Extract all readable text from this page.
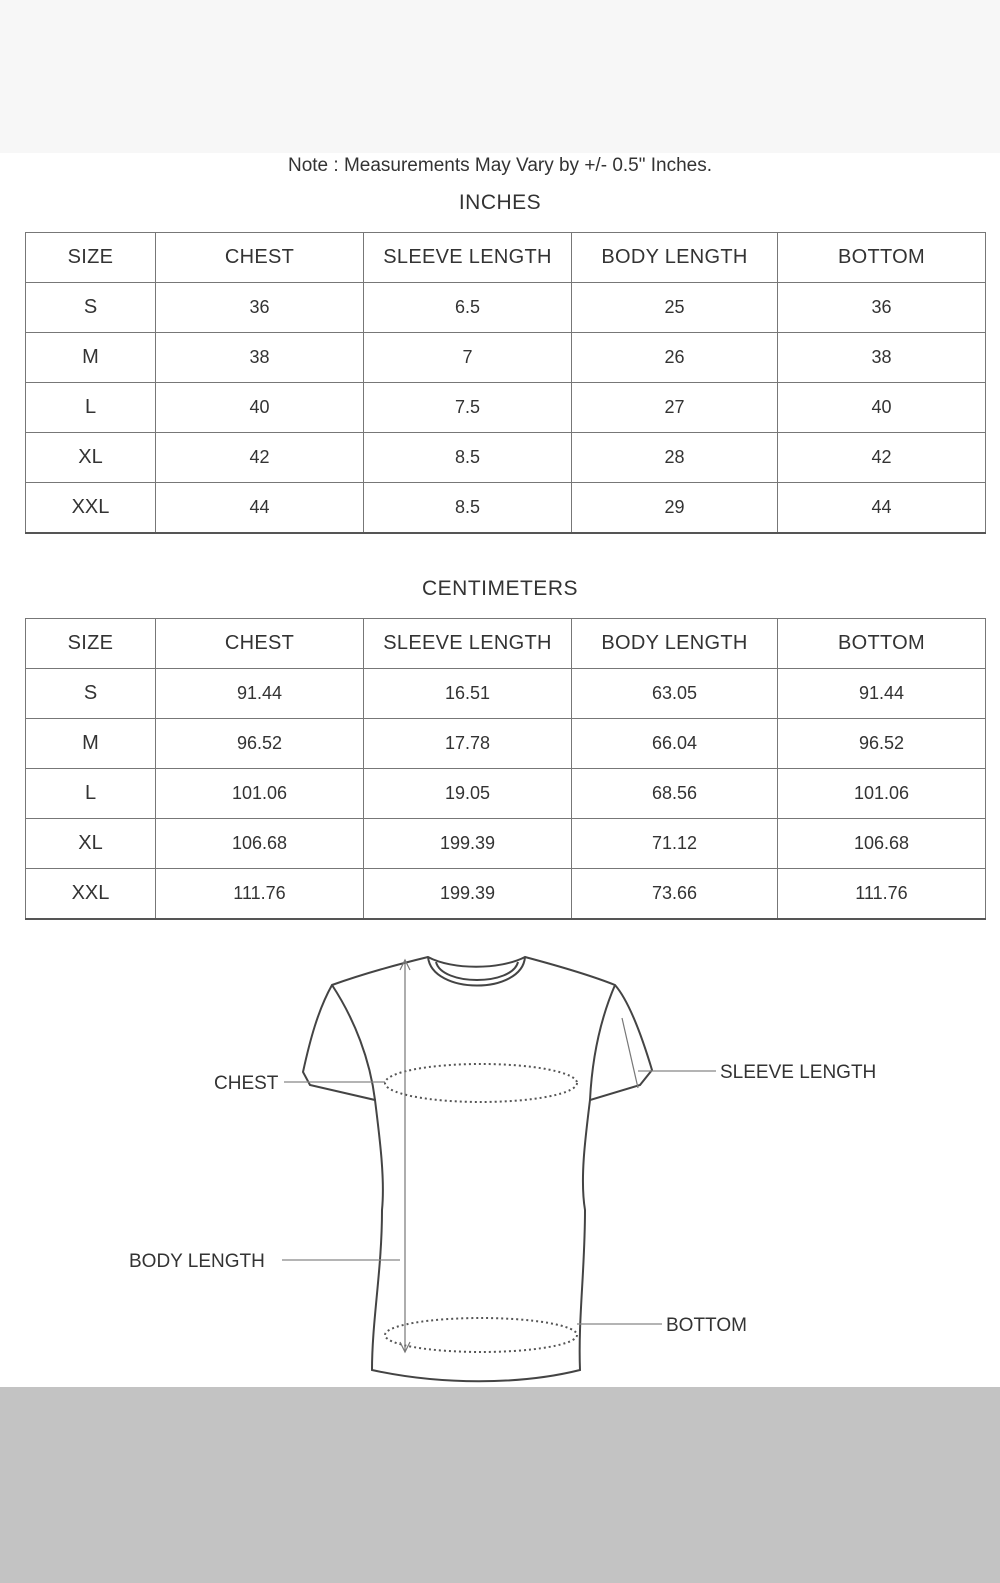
Note : Measurements May Vary by +/- 0.5" Inches.
INCHES
SIZE	CHEST	SLEEVE LENGTH	BODY LENGTH	BOTTOM
S	36	6.5	25	36
M	38	7	26	38
L	40	7.5	27	40
XL	42	8.5	28	42
XXL	44	8.5	29	44
CENTIMETERS
SIZE	CHEST	SLEEVE LENGTH	BODY LENGTH	BOTTOM
S	91.44	16.51	63.05	91.44
M	96.52	17.78	66.04	96.52
L	101.06	19.05	68.56	101.06
XL	106.68	199.39	71.12	106.68
XXL	111.76	199.39	73.66	111.76
CHEST
SLEEVE LENGTH
BODY LENGTH
BOTTOM
